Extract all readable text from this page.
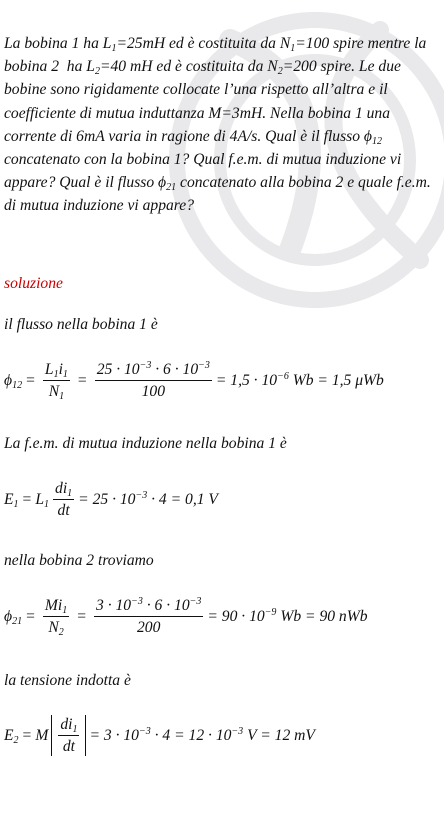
La bobina 1 ha $L_1=25mH$ ed è costituita da $N_1=100$ spire mentre la bobina 2  ha $L_2=40$ mH ed è costituita da $N_2=200$ spire. Le due bobine sono rigidamente collocate l’una rispetto all’altra e il coefficiente di mutua induttanza M=3mH. Nella bobina 1 una corrente di 6mA varia in ragione di 4A/s. Qual è il flusso $\phi_{12}$ concatenato con la bobina 1? Qual f.e.m. di mutua induzione vi appare? Qual è il flusso $\phi_{21}$ concatenato alla bobina 2 e quale f.e.m. di mutua induzione vi appare?
soluzione
il flusso nella bobina 1 è
$\phi_{12} = \frac{L_1i_1}{N_1} = \frac{25 \cdot 10^{-3} \cdot 6 \cdot 10^{-3}}{100} = 1,5 \cdot 10^{-6}$ Wb = 1,5 μWb
La f.e.m. di mutua induzione nella bobina 1 è
$E_1 = L_1 \frac{di_1}{dt} = 25 \cdot 10^{-3} \cdot 4 = 0,1$ V
nella bobina 2 troviamo
$\phi_{21} = \frac{Mi_1}{N_2} = \frac{3 \cdot 10^{-3} \cdot 6 \cdot 10^{-3}}{200} = 90 \cdot 10^{-9}$ Wb = 90 nWb
la tensione indotta è
$E_2 = M \frac{di_1}{dt} = 3 \cdot 10^{-3} \cdot 4 = 12 \cdot 10^{-3}$ V = 12 mV
